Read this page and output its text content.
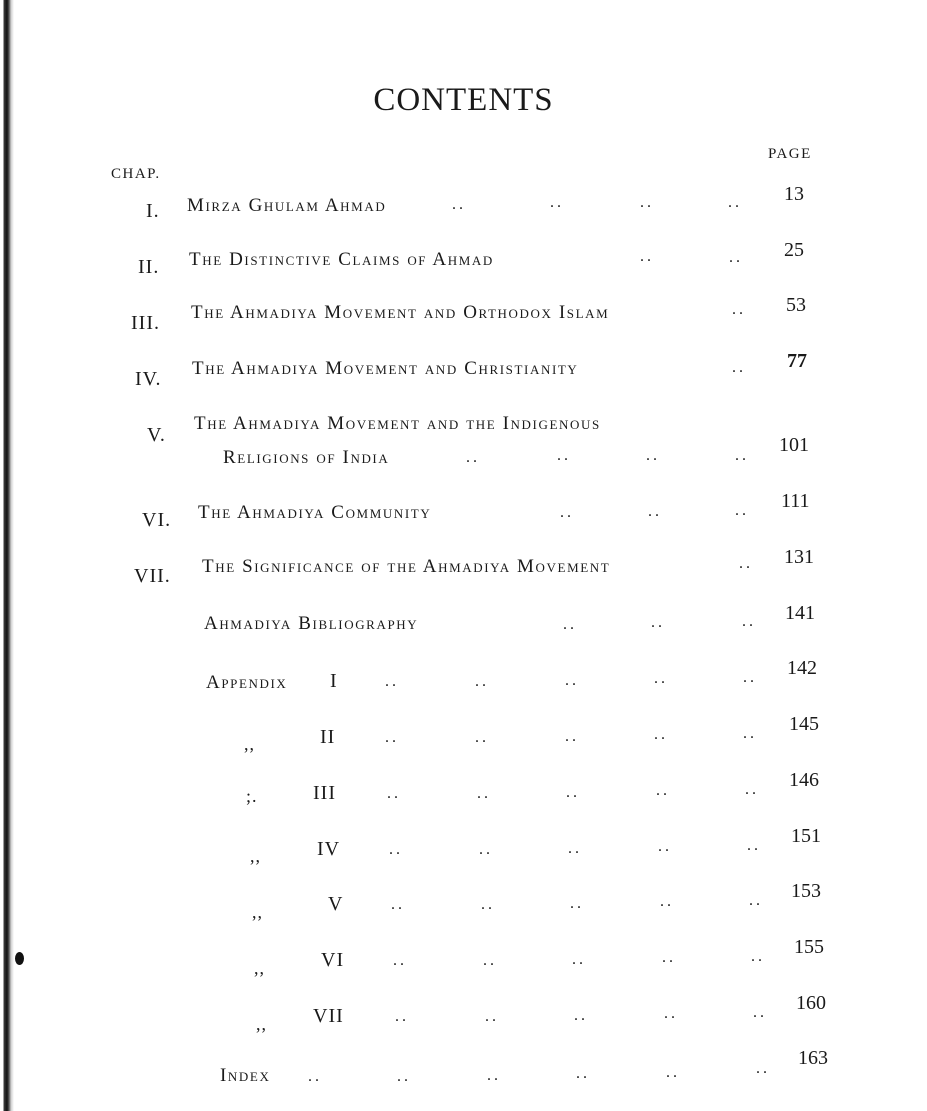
CONTENTS
PAGE
CHAP.
I. Mirza Ghulam Ahmad	..	..	..	.. 13
II. The Distinctive Claims of Ahmad	..	.. 25
III. The Ahmadiya Movement and Orthodox Islam	.. 53
IV. The Ahmadiya Movement and Christianity	.. 77
V.
The Ahmadiya Movement and the Indigenous
Religions of India	..	..	..	.. 101
VI. The Ahmadiya Community	..	..	.. 111
VII. The Significance of the Ahmadiya Movement	.. 131
Ahmadiya Bibliography	..	..	.. 141
Appendix I	..	..	..	..	.. 142
,,	II	..	..	..	..	.. 145
;.	III	..	..	..	..	.. 146
,,	IV	..	..	..	..	.. 151
,,	V	..	..	..	..	.. 153
,,	VI	..	..	..	..	.. 155
,, VII	..	..	..	..	.. 160
Index ..	..	..	..	..	.. 163
